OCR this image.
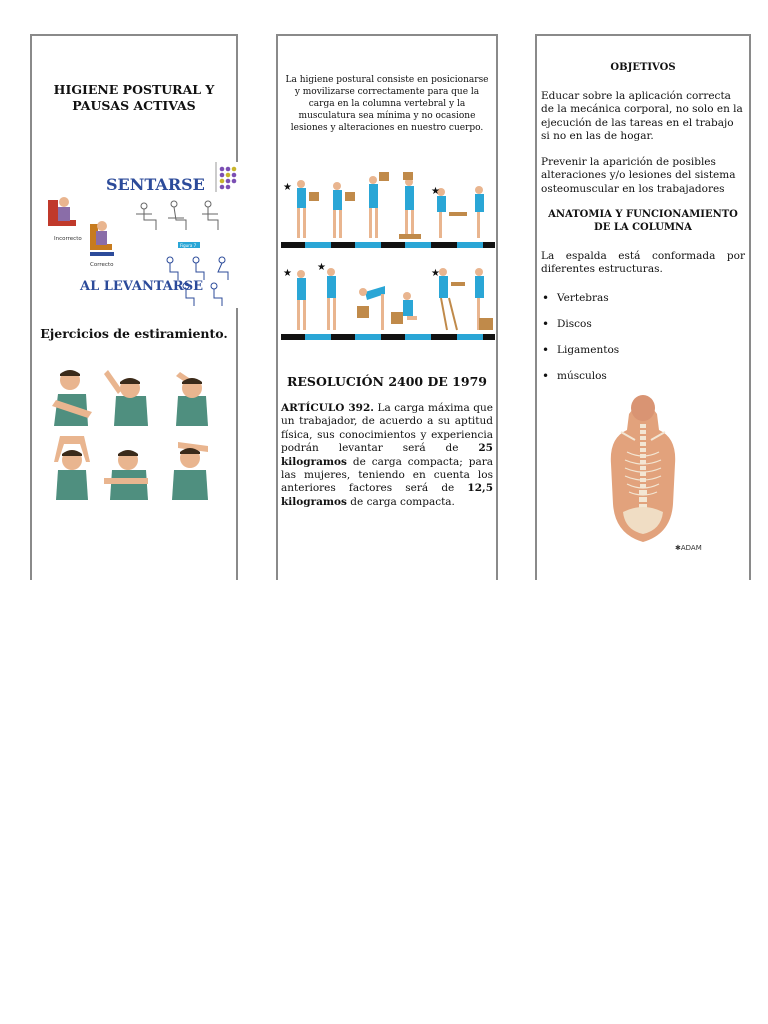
HIGIENE POSTURAL Y PAUSAS ACTIVAS
SENTARSE
Incorrecto
Correcto
Figura 7
AL LEVANTARSE
Ejercicios de estiramiento.
La higiene postural consiste en posicionarse y movilizarse correctamente para que la carga en la columna vertebral y la musculatura sea mínima y no ocasione lesiones y alteraciones en nuestro cuerpo.
★	★
★
★
★
RESOLUCIÓN 2400 DE 1979
ARTÍCULO 392. La carga máxima que un trabajador, de acuerdo a su aptitud física, sus conocimientos y experiencia podrán levantar será de 25 kilogramos de carga compacta; para las mujeres, teniendo en cuenta los anteriores factores será de 12,5 kilogramos de carga compacta.
OBJETIVOS
Educar sobre la aplicación correcta de la mecánica corporal, no solo en la ejecución de las tareas en el trabajo si no en las de hogar.
Prevenir la aparición de posibles alteraciones y/o lesiones del sistema osteomuscular en los trabajadores
ANATOMIA Y FUNCIONAMIENTO DE LA COLUMNA
La espalda está conformada por diferentes estructuras.
• Vertebras
• Discos
• Ligamentos
• músculos
✱ADAM
